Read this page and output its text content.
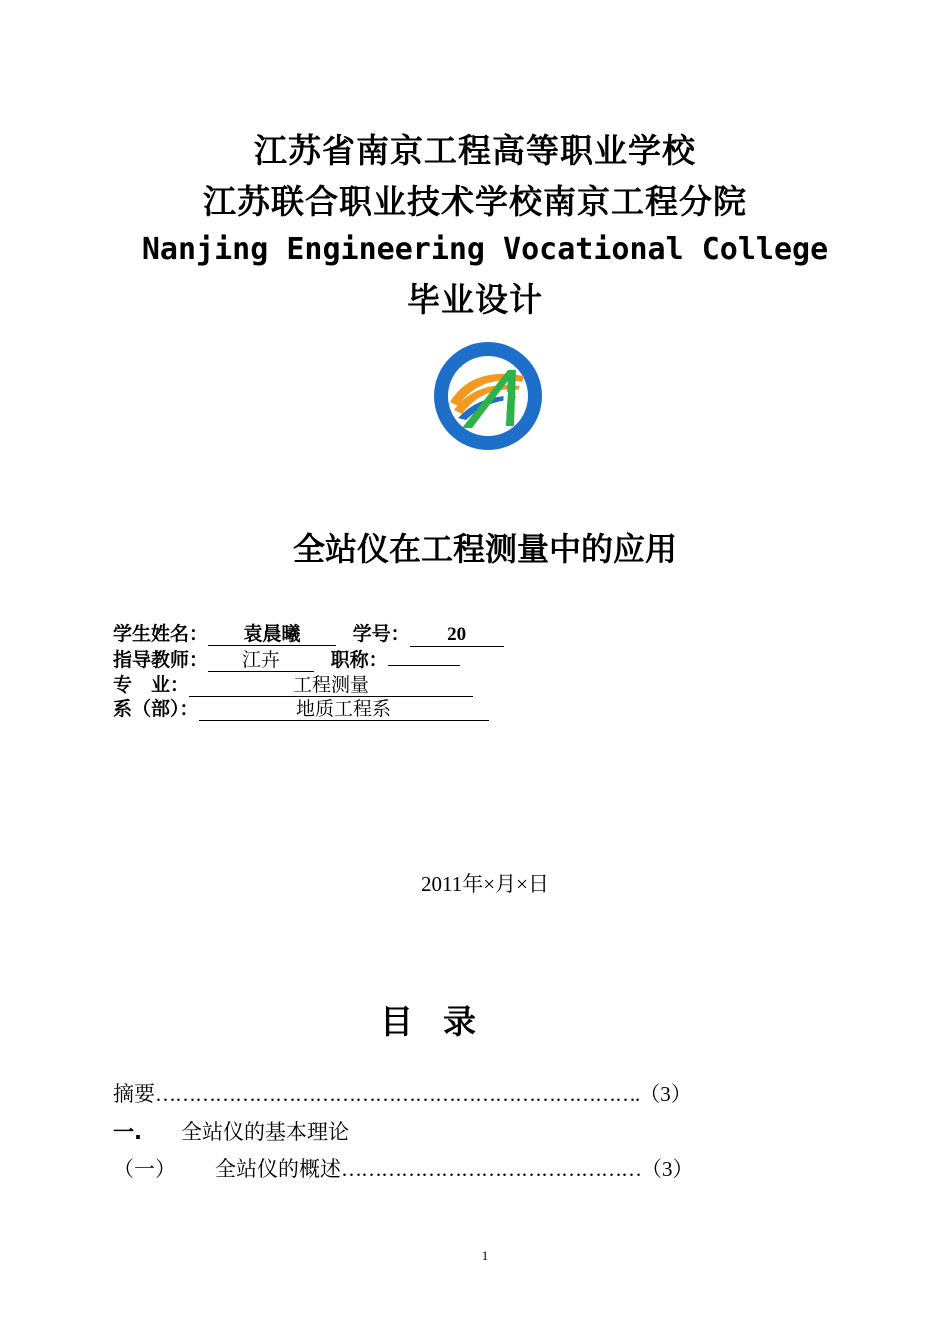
江苏省南京工程高等职业学校
江苏联合职业技术学校南京工程分院
Nanjing Engineering Vocational College
毕业设计
全站仪在工程测量中的应用
学生姓名： 袁晨曦	学号： 20
指导教师： 江卉	职称：
专　业：	工程测量
系（部）：	地质工程系
2011年×月×日
目录
摘要……………………………………………………………….（3）
一. 全站仪的基本理论
（一） 全站仪的概述………………………………………（3）
1
